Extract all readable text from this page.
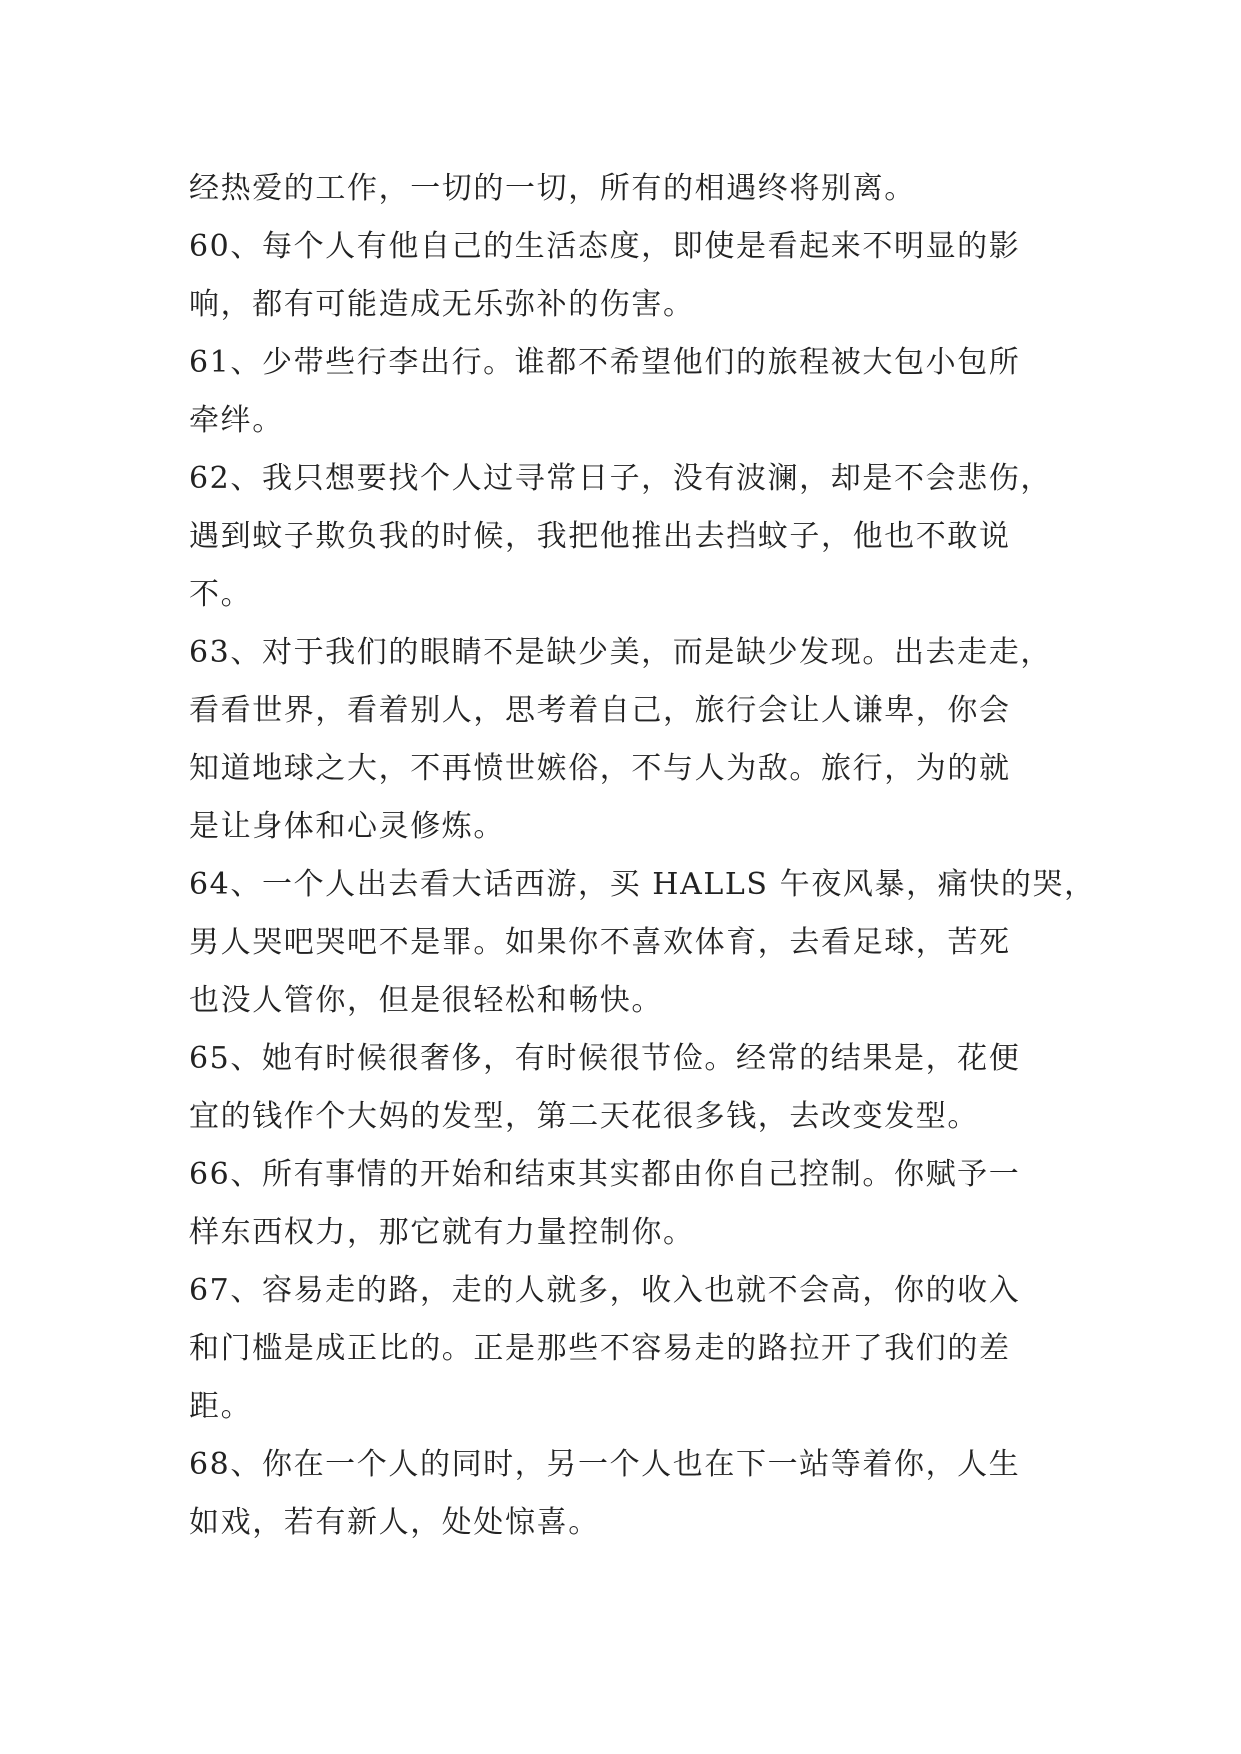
经热爱的工作，一切的一切，所有的相遇终将别离。
60、每个人有他自己的生活态度，即使是看起来不明显的影
响，都有可能造成无乐弥补的伤害。
61、少带些行李出行。谁都不希望他们的旅程被大包小包所
牵绊。
62、我只想要找个人过寻常日子，没有波澜，却是不会悲伤，
遇到蚊子欺负我的时候，我把他推出去挡蚊子，他也不敢说
不。
63、对于我们的眼睛不是缺少美，而是缺少发现。出去走走，
看看世界，看着别人，思考着自己，旅行会让人谦卑，你会
知道地球之大，不再愤世嫉俗，不与人为敌。旅行，为的就
是让身体和心灵修炼。
64、一个人出去看大话西游，买 HALLS 午夜风暴，痛快的哭，
男人哭吧哭吧不是罪。如果你不喜欢体育，去看足球，苦死
也没人管你，但是很轻松和畅快。
65、她有时候很奢侈，有时候很节俭。经常的结果是，花便
宜的钱作个大妈的发型，第二天花很多钱，去改变发型。
66、所有事情的开始和结束其实都由你自己控制。你赋予一
样东西权力，那它就有力量控制你。
67、容易走的路，走的人就多，收入也就不会高，你的收入
和门槛是成正比的。正是那些不容易走的路拉开了我们的差
距。
68、你在一个人的同时，另一个人也在下一站等着你，人生
如戏，若有新人，处处惊喜。
